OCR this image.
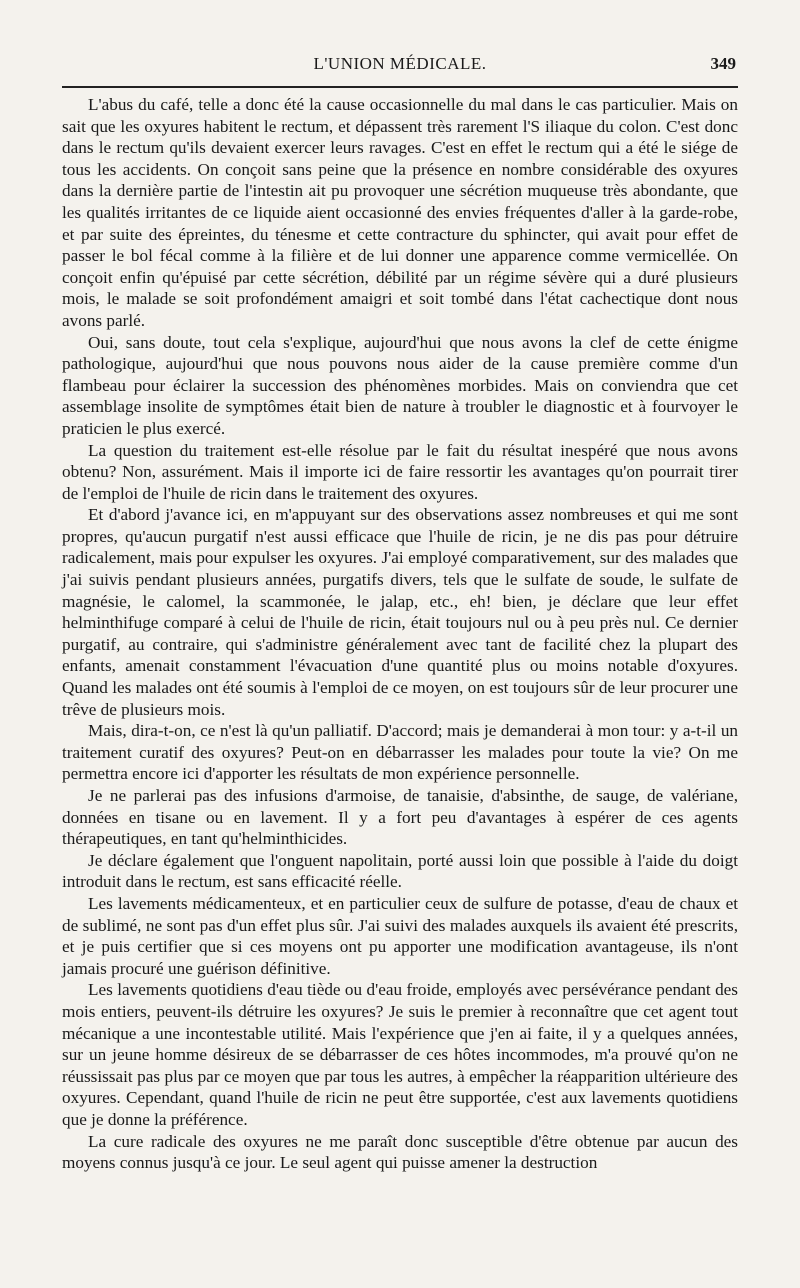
L'UNION MÉDICALE.	349

L'abus du café, telle a donc été la cause occasionnelle du mal dans le cas particulier. Mais on sait que les oxyures habitent le rectum, et dépassent très rarement l'S iliaque du colon. C'est donc dans le rectum qu'ils devaient exercer leurs ravages. C'est en effet le rectum qui a été le siége de tous les accidents. On conçoit sans peine que la présence en nombre considérable des oxyures dans la dernière partie de l'intestin ait pu provoquer une sécrétion muqueuse très abondante, que les qualités irritantes de ce liquide aient occasionné des envies fréquentes d'aller à la garde-robe, et par suite des épreintes, du ténesme et cette contracture du sphincter, qui avait pour effet de passer le bol fécal comme à la filière et de lui donner une apparence comme vermicellée. On conçoit enfin qu'épuisé par cette sécrétion, débilité par un régime sévère qui a duré plusieurs mois, le malade se soit profondément amaigri et soit tombé dans l'état cachectique dont nous avons parlé.

Oui, sans doute, tout cela s'explique, aujourd'hui que nous avons la clef de cette énigme pathologique, aujourd'hui que nous pouvons nous aider de la cause première comme d'un flambeau pour éclairer la succession des phénomènes morbides. Mais on conviendra que cet assemblage insolite de symptômes était bien de nature à troubler le diagnostic et à fourvoyer le praticien le plus exercé.

La question du traitement est-elle résolue par le fait du résultat inespéré que nous avons obtenu? Non, assurément. Mais il importe ici de faire ressortir les avantages qu'on pourrait tirer de l'emploi de l'huile de ricin dans le traitement des oxyures.

Et d'abord j'avance ici, en m'appuyant sur des observations assez nombreuses et qui me sont propres, qu'aucun purgatif n'est aussi efficace que l'huile de ricin, je ne dis pas pour détruire radicalement, mais pour expulser les oxyures. J'ai employé comparativement, sur des malades que j'ai suivis pendant plusieurs années, purgatifs divers, tels que le sulfate de soude, le sulfate de magnésie, le calomel, la scammonée, le jalap, etc., eh! bien, je déclare que leur effet helminthifuge comparé à celui de l'huile de ricin, était toujours nul ou à peu près nul. Ce dernier purgatif, au contraire, qui s'administre généralement avec tant de facilité chez la plupart des enfants, amenait constamment l'évacuation d'une quantité plus ou moins notable d'oxyures. Quand les malades ont été soumis à l'emploi de ce moyen, on est toujours sûr de leur procurer une trêve de plusieurs mois.

Mais, dira-t-on, ce n'est là qu'un palliatif. D'accord; mais je demanderai à mon tour: y a-t-il un traitement curatif des oxyures? Peut-on en débarrasser les malades pour toute la vie? On me permettra encore ici d'apporter les résultats de mon expérience personnelle.

Je ne parlerai pas des infusions d'armoise, de tanaisie, d'absinthe, de sauge, de valériane, données en tisane ou en lavement. Il y a fort peu d'avantages à espérer de ces agents thérapeutiques, en tant qu'helminthicides.

Je déclare également que l'onguent napolitain, porté aussi loin que possible à l'aide du doigt introduit dans le rectum, est sans efficacité réelle.

Les lavements médicamenteux, et en particulier ceux de sulfure de potasse, d'eau de chaux et de sublimé, ne sont pas d'un effet plus sûr. J'ai suivi des malades auxquels ils avaient été prescrits, et je puis certifier que si ces moyens ont pu apporter une modification avantageuse, ils n'ont jamais procuré une guérison définitive.

Les lavements quotidiens d'eau tiède ou d'eau froide, employés avec persévérance pendant des mois entiers, peuvent-ils détruire les oxyures? Je suis le premier à reconnaître que cet agent tout mécanique a une incontestable utilité. Mais l'expérience que j'en ai faite, il y a quelques années, sur un jeune homme désireux de se débarrasser de ces hôtes incommodes, m'a prouvé qu'on ne réussissait pas plus par ce moyen que par tous les autres, à empêcher la réapparition ultérieure des oxyures. Cependant, quand l'huile de ricin ne peut être supportée, c'est aux lavements quotidiens que je donne la préférence.

La cure radicale des oxyures ne me paraît donc susceptible d'être obtenue par aucun des moyens connus jusqu'à ce jour. Le seul agent qui puisse amener la destruction
